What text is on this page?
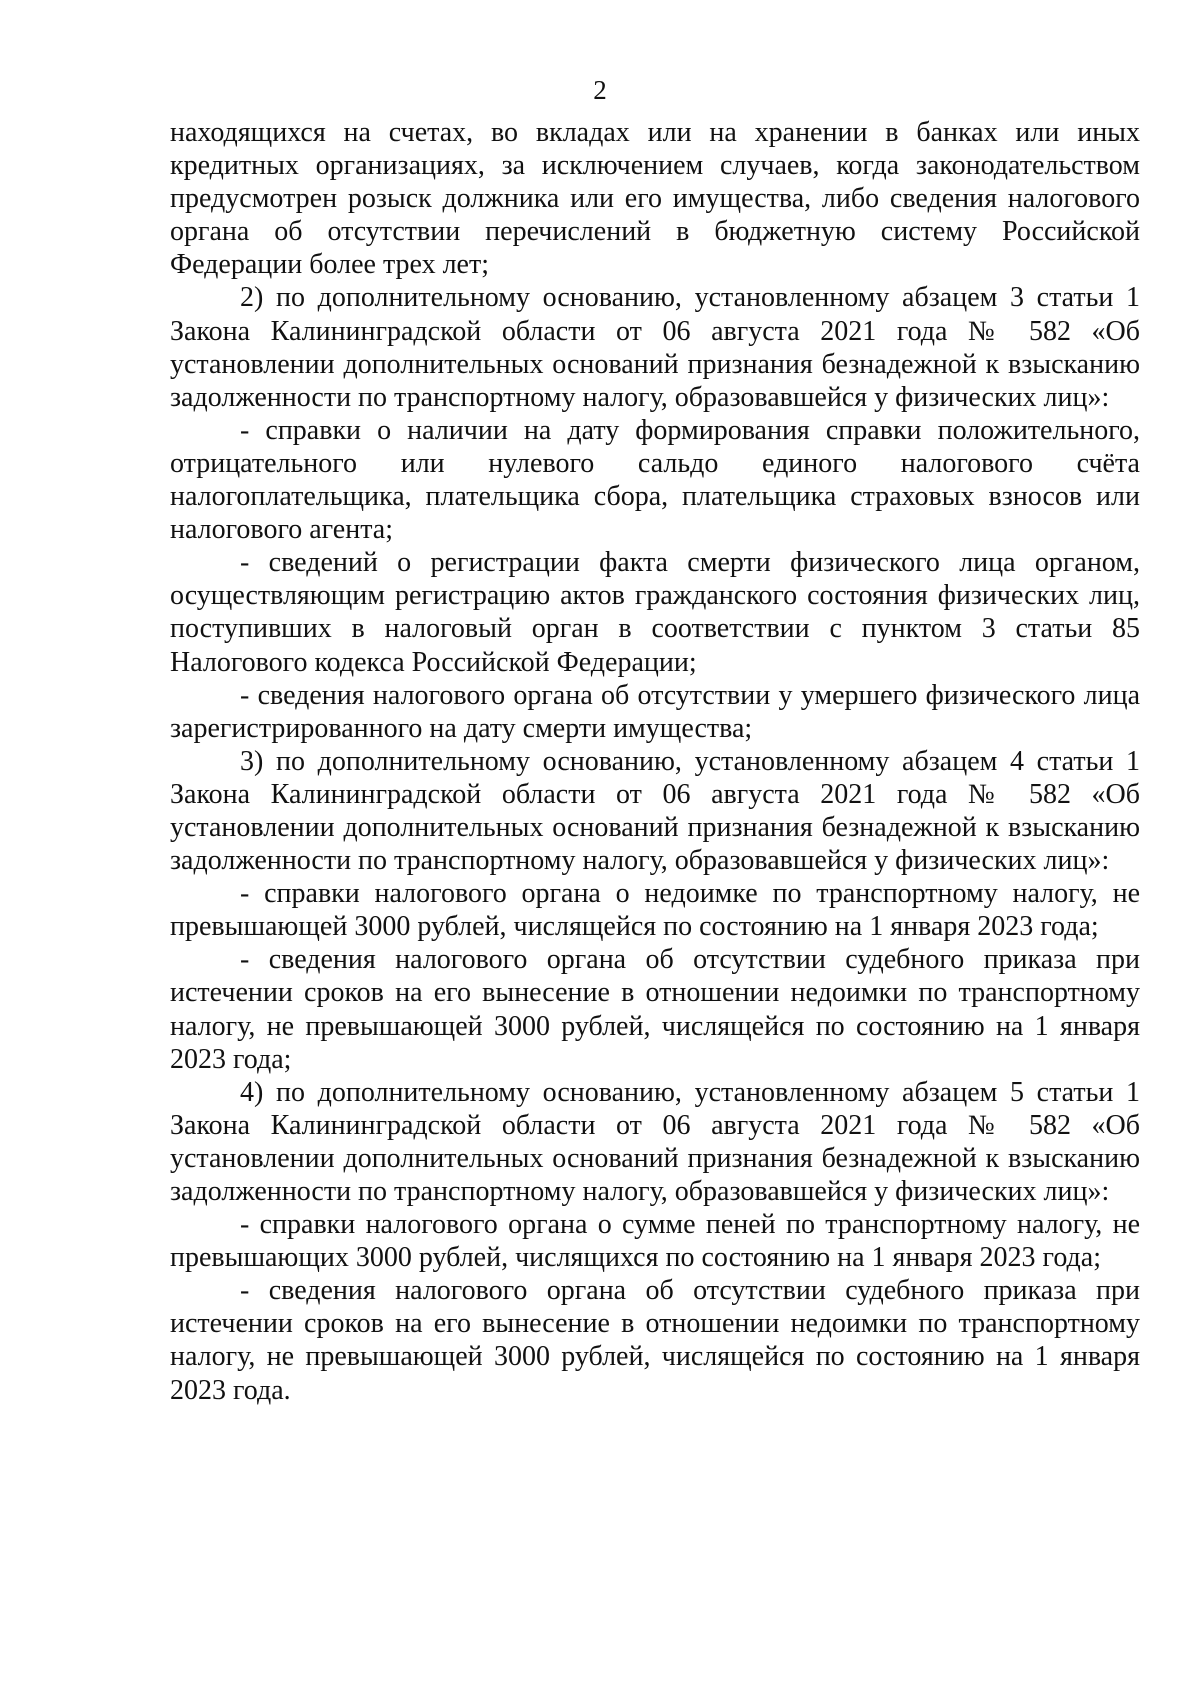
2

находящихся на счетах, во вкладах или на хранении в банках или иных кредитных организациях, за исключением случаев, когда законодательством предусмотрен розыск должника или его имущества, либо сведения налогового органа об отсутствии перечислений в бюджетную систему Российской Федерации более трех лет;

2) по дополнительному основанию, установленному абзацем 3 статьи 1 Закона Калининградской области от 06 августа 2021 года № 582 «Об установлении дополнительных оснований признания безнадежной к взысканию задолженности по транспортному налогу, образовавшейся у физических лиц»:

- справки о наличии на дату формирования справки положительного, отрицательного или нулевого сальдо единого налогового счёта налогоплательщика, плательщика сбора, плательщика страховых взносов или налогового агента;

- сведений о регистрации факта смерти физического лица органом, осуществляющим регистрацию актов гражданского состояния физических лиц, поступивших в налоговый орган в соответствии с пунктом 3 статьи 85 Налогового кодекса Российской Федерации;

- сведения налогового органа об отсутствии у умершего физического лица зарегистрированного на дату смерти имущества;

3) по дополнительному основанию, установленному абзацем 4 статьи 1 Закона Калининградской области от 06 августа 2021 года № 582 «Об установлении дополнительных оснований признания безнадежной к взысканию задолженности по транспортному налогу, образовавшейся у физических лиц»:

- справки налогового органа о недоимке по транспортному налогу, не превышающей 3000 рублей, числящейся по состоянию на 1 января 2023 года;

- сведения налогового органа об отсутствии судебного приказа при истечении сроков на его вынесение в отношении недоимки по транспортному налогу, не превышающей 3000 рублей, числящейся по состоянию на 1 января 2023 года;

4) по дополнительному основанию, установленному абзацем 5 статьи 1 Закона Калининградской области от 06 августа 2021 года № 582 «Об установлении дополнительных оснований признания безнадежной к взысканию задолженности по транспортному налогу, образовавшейся у физических лиц»:

- справки налогового органа о сумме пеней по транспортному налогу, не превышающих 3000 рублей, числящихся по состоянию на 1 января 2023 года;

- сведения налогового органа об отсутствии судебного приказа при истечении сроков на его вынесение в отношении недоимки по транспортному налогу, не превышающей 3000 рублей, числящейся по состоянию на 1 января 2023 года.
